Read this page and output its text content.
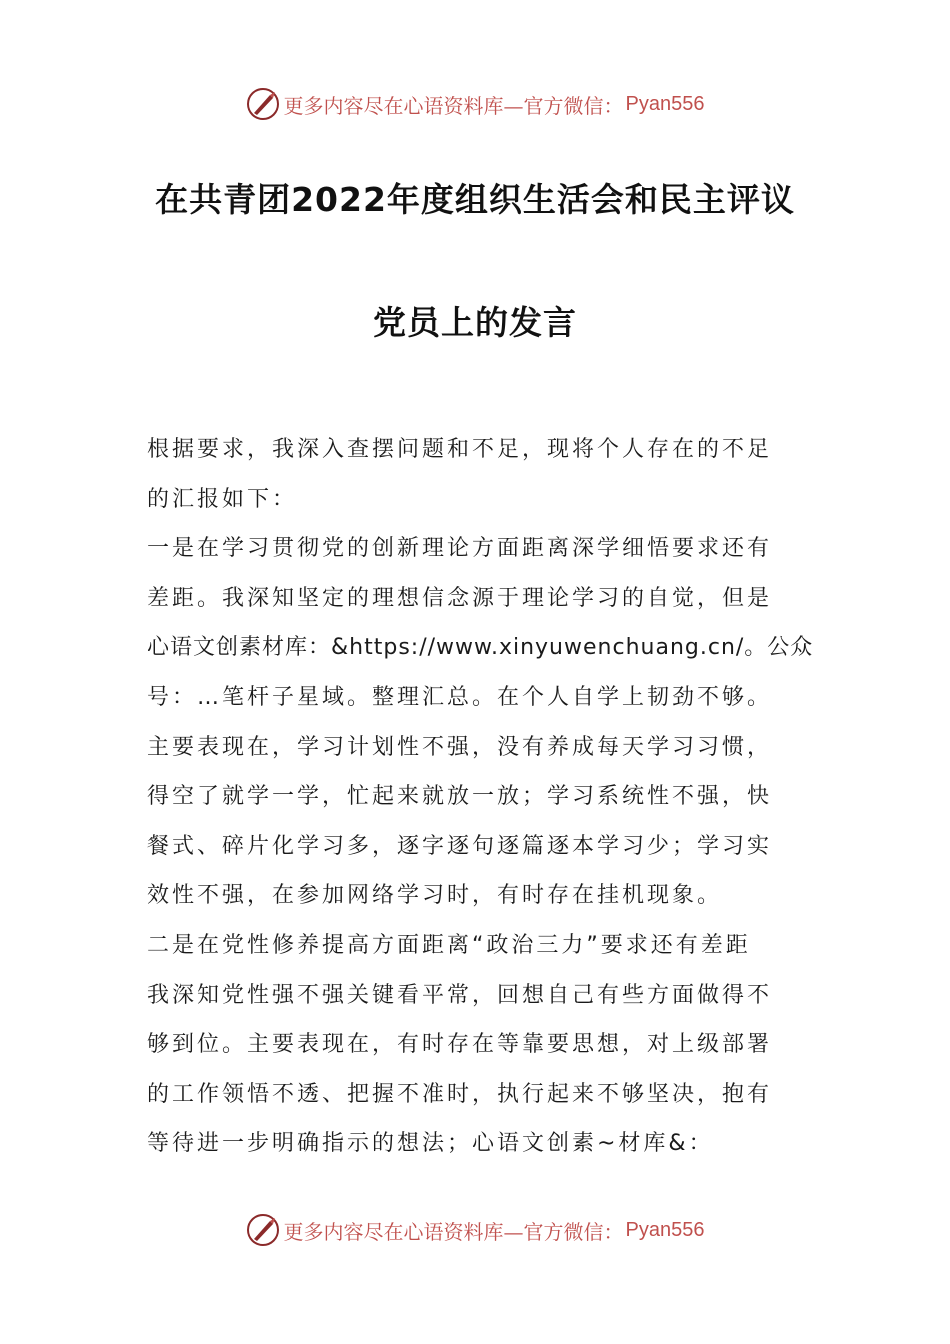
更多内容尽在心语资料库—官方微信： Pyan556
在共青团2022年度组织生活会和民主评议
党员上的发言
根据要求，我深入查摆问题和不足，现将个人存在的不足
的汇报如下：
一是在学习贯彻党的创新理论方面距离深学细悟要求还有
差距。我深知坚定的理想信念源于理论学习的自觉，但是
心语文创素材库：&https://www.xinyuwenchuang.cn/。公众
号：…笔杆子星域。整理汇总。在个人自学上韧劲不够。
主要表现在，学习计划性不强，没有养成每天学习习惯，
得空了就学一学，忙起来就放一放；学习系统性不强，快
餐式、碎片化学习多，逐字逐句逐篇逐本学习少；学习实
效性不强，在参加网络学习时，有时存在挂机现象。
二是在党性修养提高方面距离“政治三力”要求还有差距
我深知党性强不强关键看平常，回想自己有些方面做得不
够到位。主要表现在，有时存在等靠要思想，对上级部署
的工作领悟不透、把握不准时，执行起来不够坚决，抱有
等待进一步明确指示的想法；心语文创素~材库&：
更多内容尽在心语资料库—官方微信： Pyan556
